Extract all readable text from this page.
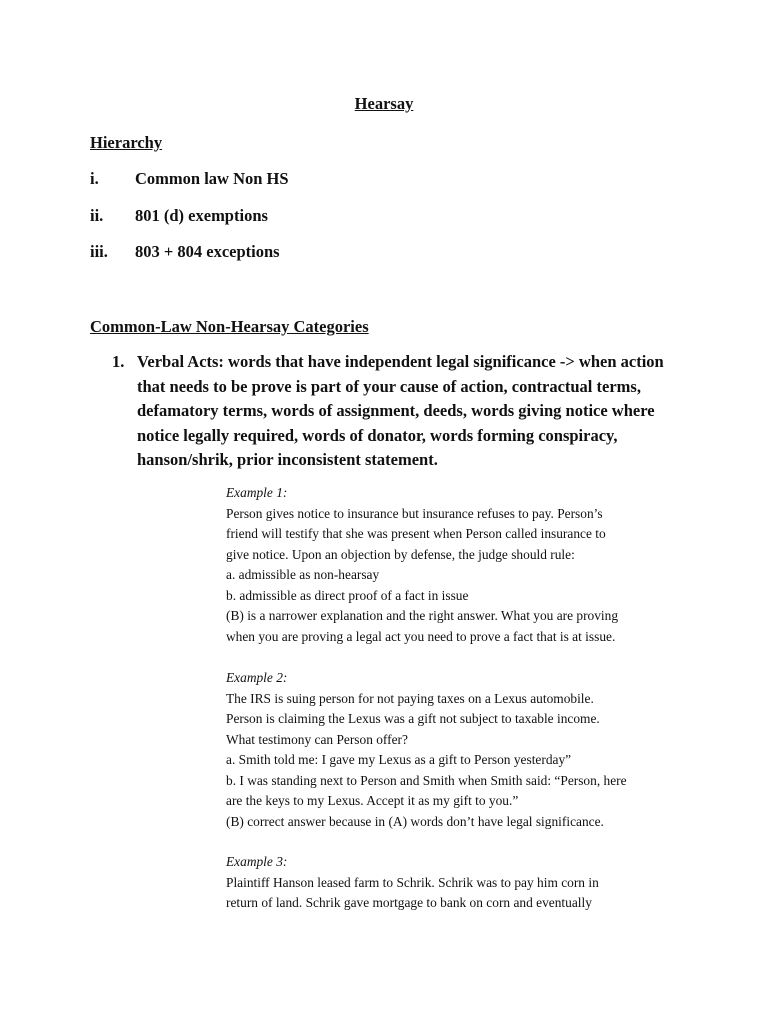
Hearsay
Hierarchy
i. Common law Non HS
ii. 801 (d) exemptions
iii. 803 + 804 exceptions
Common-Law Non-Hearsay Categories
1. Verbal Acts: words that have independent legal significance -> when action that needs to be prove is part of your cause of action, contractual terms, defamatory terms, words of assignment, deeds, words giving notice where notice legally required, words of donator, words forming conspiracy, hanson/shrik, prior inconsistent statement.
Example 1:
Person gives notice to insurance but insurance refuses to pay. Person’s
friend will testify that she was present when Person called insurance to
give notice. Upon an objection by defense, the judge should rule:
a. admissible as non-hearsay
b. admissible as direct proof of a fact in issue
(B) is a narrower explanation and the right answer. What you are proving
when you are proving a legal act you need to prove a fact that is at issue.
Example 2:
The IRS is suing person for not paying taxes on a Lexus automobile.
Person is claiming the Lexus was a gift not subject to taxable income.
What testimony can Person offer?
a. Smith told me: I gave my Lexus as a gift to Person yesterday”
b. I was standing next to Person and Smith when Smith said: “Person, here
are the keys to my Lexus. Accept it as my gift to you.”
(B) correct answer because in (A) words don’t have legal significance.
Example 3:
Plaintiff Hanson leased farm to Schrik. Schrik was to pay him corn in
return of land. Schrik gave mortgage to bank on corn and eventually
